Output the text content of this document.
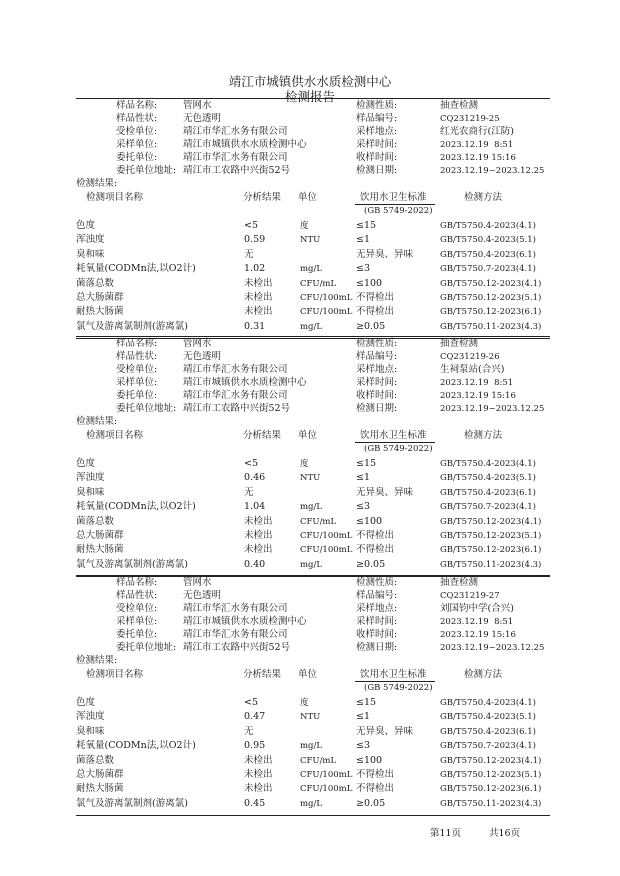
靖江市城镇供水水质检测中心
检测报告
样品名称:	管网水	检测性质:	抽查检测
样品性状:	无色透明	样品编号:	CQ231219-25
受检单位:	靖江市华汇水务有限公司	采样地点:	红光农商行(江防)
采样单位:	靖江市城镇供水水质检测中心	采样时间:	2023.12.19  8:51
委托单位:	靖江市华汇水务有限公司	收样时间:	2023.12.19 15:16
委托单位地址: 靖江市工农路中兴街52号	检测日期:	2023.12.19~2023.12.25
检测结果:
检测项目名称	分析结果 单位	饮用水卫生标准
(GB 5749-2022)
检测方法
色度	<5	度	≤15	GB/T5750.4-2023(4.1)
浑浊度	0.59	NTU	≤1	GB/T5750.4-2023(5.1)
臭和味	无	无异臭、异味	GB/T5750.4-2023(6.1)
耗氧量(CODMn法,以O2计)	1.02	mg/L	≤3	GB/T5750.7-2023(4.1)
菌落总数	未检出	CFU/mL ≤100	GB/T5750.12-2023(4.1)
总大肠菌群	未检出	CFU/100mL 不得检出	GB/T5750.12-2023(5.1)
耐热大肠菌	未检出	CFU/100mL 不得检出	GB/T5750.12-2023(6.1)
氯气及游离氯制剂(游离氯)	0.31	mg/L	≥0.05	GB/T5750.11-2023(4.3)
样品名称:	管网水	检测性质:	抽查检测
样品性状:	无色透明	样品编号:	CQ231219-26
受检单位:	靖江市华汇水务有限公司	采样地点:	生祠泵站(合兴)
采样单位:	靖江市城镇供水水质检测中心	采样时间:	2023.12.19  8:51
委托单位:	靖江市华汇水务有限公司	收样时间:	2023.12.19 15:16
委托单位地址: 靖江市工农路中兴街52号	检测日期:	2023.12.19~2023.12.25
检测结果:
检测项目名称	分析结果 单位	饮用水卫生标准
(GB 5749-2022)
检测方法
色度	<5	度	≤15	GB/T5750.4-2023(4.1)
浑浊度	0.46	NTU	≤1	GB/T5750.4-2023(5.1)
臭和味	无	无异臭、异味	GB/T5750.4-2023(6.1)
耗氧量(CODMn法,以O2计)	1.04	mg/L	≤3	GB/T5750.7-2023(4.1)
菌落总数	未检出	CFU/mL ≤100	GB/T5750.12-2023(4.1)
总大肠菌群	未检出	CFU/100mL 不得检出	GB/T5750.12-2023(5.1)
耐热大肠菌	未检出	CFU/100mL 不得检出	GB/T5750.12-2023(6.1)
氯气及游离氯制剂(游离氯)	0.40	mg/L	≥0.05	GB/T5750.11-2023(4.3)
样品名称:	管网水	检测性质:	抽查检测
样品性状:	无色透明	样品编号:	CQ231219-27
受检单位:	靖江市华汇水务有限公司	采样地点:	刘国钧中学(合兴)
采样单位:	靖江市城镇供水水质检测中心	采样时间:	2023.12.19  8:51
委托单位:	靖江市华汇水务有限公司	收样时间:	2023.12.19 15:16
委托单位地址: 靖江市工农路中兴街52号	检测日期:	2023.12.19~2023.12.25
检测结果:
检测项目名称	分析结果 单位	饮用水卫生标准
(GB 5749-2022)
检测方法
色度	<5	度	≤15	GB/T5750.4-2023(4.1)
浑浊度	0.47	NTU	≤1	GB/T5750.4-2023(5.1)
臭和味	无	无异臭、异味	GB/T5750.4-2023(6.1)
耗氧量(CODMn法,以O2计)	0.95	mg/L	≤3	GB/T5750.7-2023(4.1)
菌落总数	未检出	CFU/mL ≤100	GB/T5750.12-2023(4.1)
总大肠菌群	未检出	CFU/100mL 不得检出	GB/T5750.12-2023(5.1)
耐热大肠菌	未检出	CFU/100mL 不得检出	GB/T5750.12-2023(6.1)
氯气及游离氯制剂(游离氯)	0.45	mg/L	≥0.05	GB/T5750.11-2023(4.3)
第11页	共16页
